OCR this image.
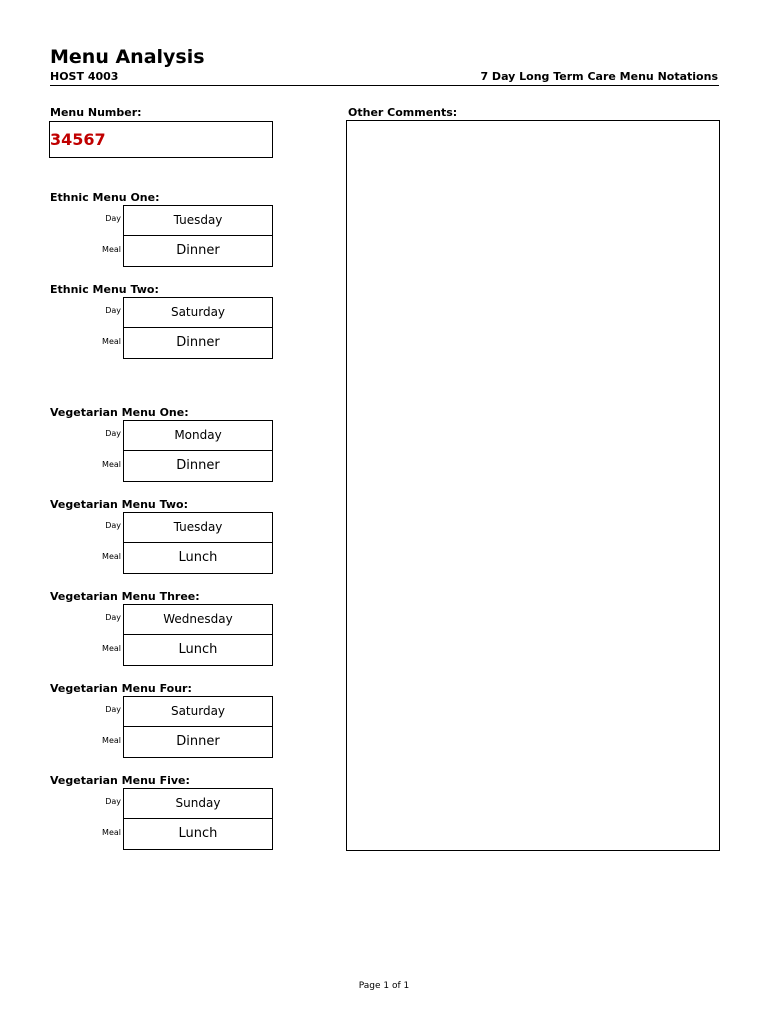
Menu Analysis
HOST 4003	7 Day Long Term Care Menu Notations
Menu Number:
34567
Ethnic Menu One:
Day	Tuesday
Meal	Dinner
Ethnic Menu Two:
Day	Saturday
Meal	Dinner
Vegetarian Menu One:
Day	Monday
Meal	Dinner
Vegetarian Menu Two:
Day	Tuesday
Meal	Lunch
Vegetarian Menu Three:
Day	Wednesday
Meal	Lunch
Vegetarian Menu Four:
Day	Saturday
Meal	Dinner
Vegetarian Menu Five:
Day	Sunday
Meal	Lunch
Other Comments:
Page 1 of 1
